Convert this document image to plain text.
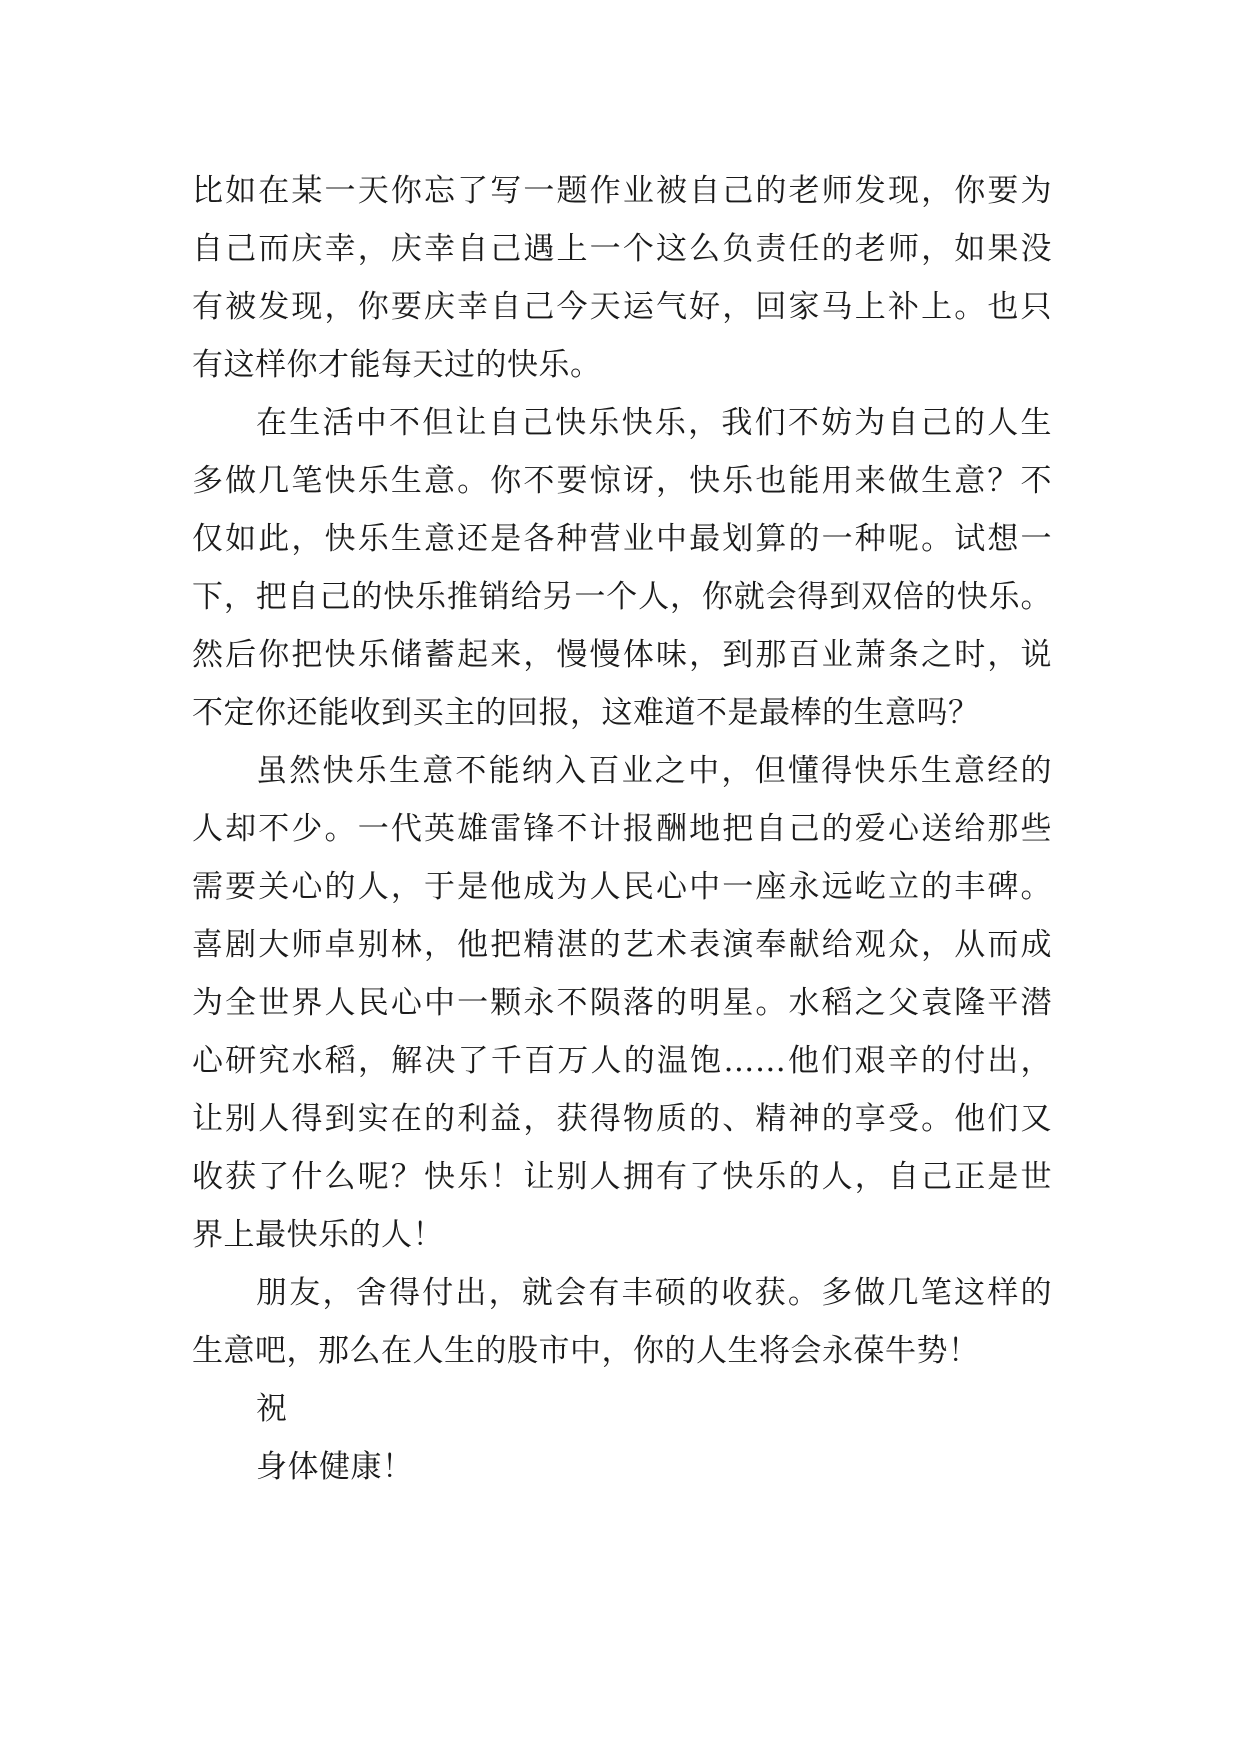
比如在某一天你忘了写一题作业被自己的老师发现，你要为
自己而庆幸，庆幸自己遇上一个这么负责任的老师，如果没
有被发现，你要庆幸自己今天运气好，回家马上补上。也只
有这样你才能每天过的快乐。
在生活中不但让自己快乐快乐，我们不妨为自己的人生
多做几笔快乐生意。你不要惊讶，快乐也能用来做生意？不
仅如此，快乐生意还是各种营业中最划算的一种呢。试想一
下，把自己的快乐推销给另一个人，你就会得到双倍的快乐。
然后你把快乐储蓄起来，慢慢体味，到那百业萧条之时，说
不定你还能收到买主的回报，这难道不是最棒的生意吗？
虽然快乐生意不能纳入百业之中，但懂得快乐生意经的
人却不少。一代英雄雷锋不计报酬地把自己的爱心送给那些
需要关心的人，于是他成为人民心中一座永远屹立的丰碑。
喜剧大师卓别林，他把精湛的艺术表演奉献给观众，从而成
为全世界人民心中一颗永不陨落的明星。水稻之父袁隆平潜
心研究水稻，解决了千百万人的温饱……他们艰辛的付出，
让别人得到实在的利益，获得物质的、精神的享受。他们又
收获了什么呢？快乐！让别人拥有了快乐的人，自己正是世
界上最快乐的人！
朋友，舍得付出，就会有丰硕的收获。多做几笔这样的
生意吧，那么在人生的股市中，你的人生将会永葆牛势！
祝
身体健康！
